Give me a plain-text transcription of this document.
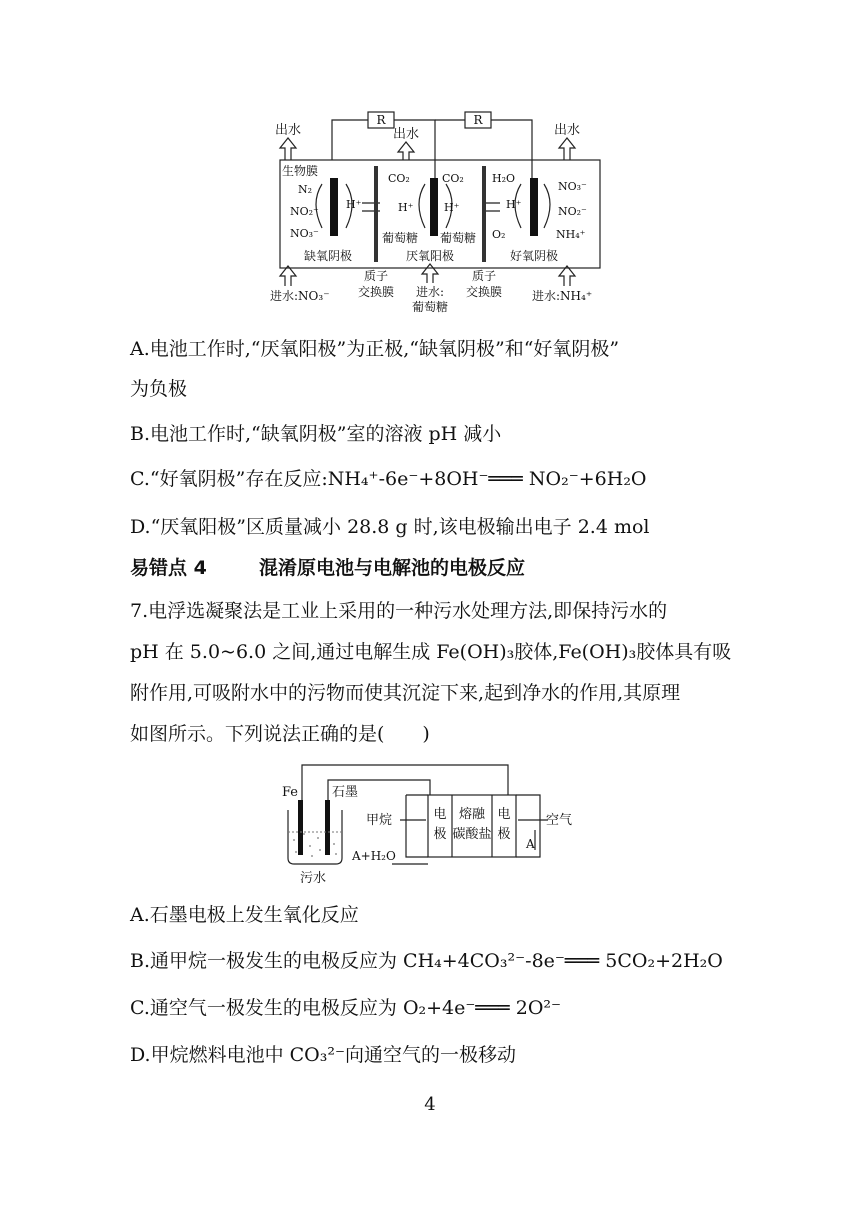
R	R
出水	出水	出水
生物膜
N₂
NO₂⁻
NO₃⁻
H⁺
CO₂	CO₂
H⁺	H⁺
葡萄糖 葡萄糖
H₂O
H⁺
O₂
NO₃⁻
NO₂⁻
NH₄⁺
缺氧阴极	厌氧阳极	好氧阴极
质子
交换膜
质子
交换膜
进水:NO₃⁻	进水:
葡萄糖
进水:NH₄⁺
A.电池工作时,“厌氧阳极”为正极,“缺氧阴极”和“好氧阴极”
为负极
B.电池工作时,“缺氧阴极”室的溶液 pH 减小
C.“好氧阴极”存在反应:NH₄⁺-6e⁻+8OH⁻═══ NO₂⁻+6H₂O
D.“厌氧阳极”区质量减小 28.8 g 时,该电极输出电子 2.4 mol
易错点 4	混淆原电池与电解池的电极反应
7.电浮选凝聚法是工业上采用的一种污水处理方法,即保持污水的
pH 在 5.0~6.0 之间,通过电解生成 Fe(OH)₃胶体,Fe(OH)₃胶体具有吸
附作用,可吸附水中的污物而使其沉淀下来,起到净水的作用,其原理
如图所示。下列说法正确的是(　　)
Fe	石墨
污水
甲烷	空气
电
极
电
极
熔融
碳酸盐
A+H₂O
A
A.石墨电极上发生氧化反应
B.通甲烷一极发生的电极反应为 CH₄+4CO₃²⁻-8e⁻═══ 5CO₂+2H₂O
C.通空气一极发生的电极反应为 O₂+4e⁻═══ 2O²⁻
D.甲烷燃料电池中 CO₃²⁻向通空气的一极移动
4
